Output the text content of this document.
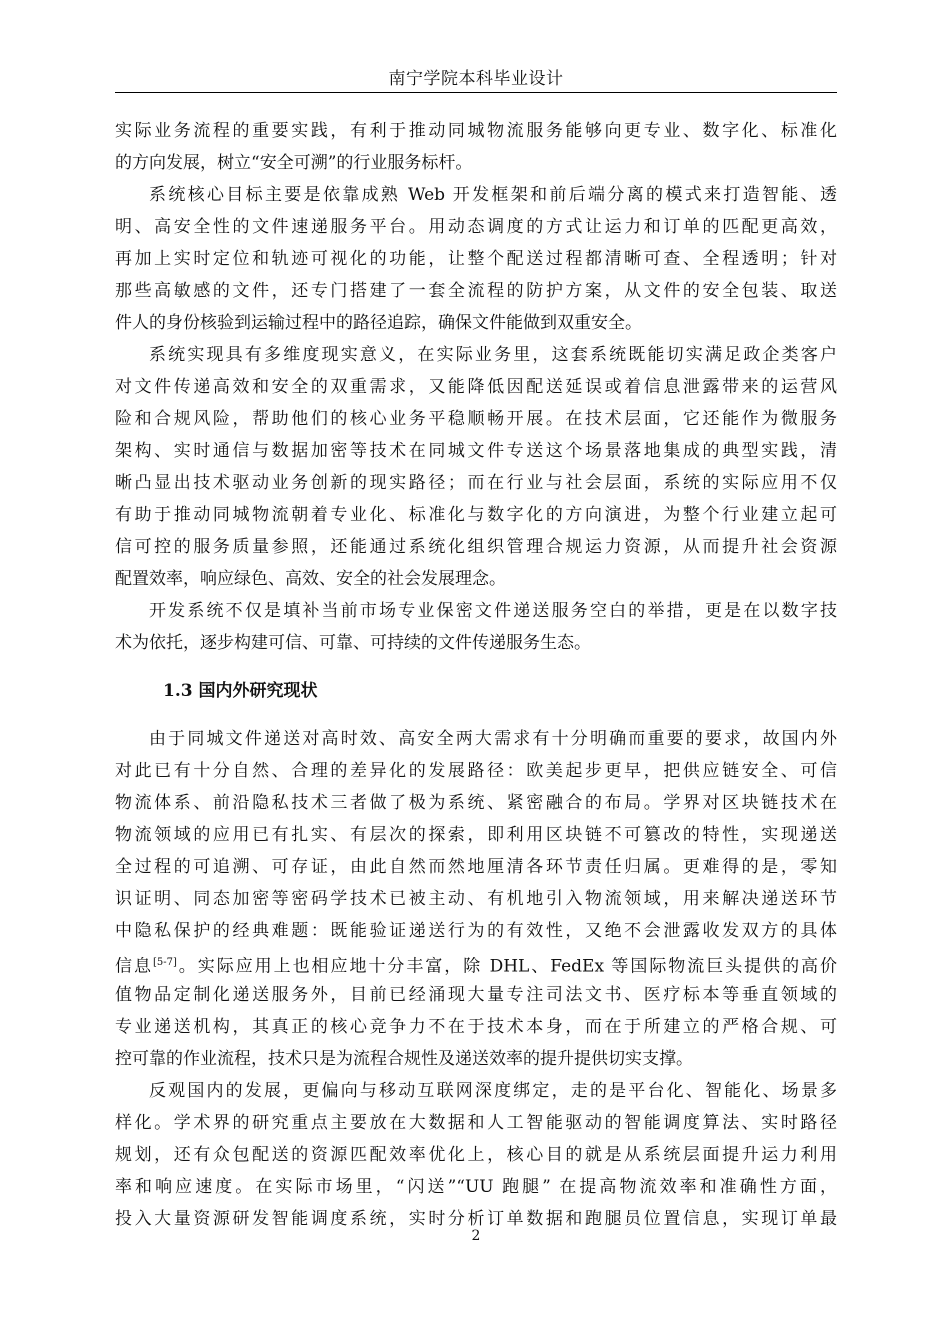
南宁学院本科毕业设计
实际业务流程的重要实践，有利于推动同城物流服务能够向更专业、数字化、标准化
的方向发展，树立“安全可溯”的行业服务标杆。
系统核心目标主要是依靠成熟 Web 开发框架和前后端分离的模式来打造智能、透
明、高安全性的文件速递服务平台。用动态调度的方式让运力和订单的匹配更高效，
再加上实时定位和轨迹可视化的功能，让整个配送过程都清晰可查、全程透明；针对
那些高敏感的文件，还专门搭建了一套全流程的防护方案，从文件的安全包装、取送
件人的身份核验到运输过程中的路径追踪，确保文件能做到双重安全。
系统实现具有多维度现实意义，在实际业务里，这套系统既能切实满足政企类客户
对文件传递高效和安全的双重需求，又能降低因配送延误或着信息泄露带来的运营风
险和合规风险，帮助他们的核心业务平稳顺畅开展。在技术层面，它还能作为微服务
架构、实时通信与数据加密等技术在同城文件专送这个场景落地集成的典型实践，清
晰凸显出技术驱动业务创新的现实路径；而在行业与社会层面，系统的实际应用不仅
有助于推动同城物流朝着专业化、标准化与数字化的方向演进，为整个行业建立起可
信可控的服务质量参照，还能通过系统化组织管理合规运力资源，从而提升社会资源
配置效率，响应绿色、高效、安全的社会发展理念。
开发系统不仅是填补当前市场专业保密文件递送服务空白的举措，更是在以数字技
术为依托，逐步构建可信、可靠、可持续的文件传递服务生态。
1.3 国内外研究现状
由于同城文件递送对高时效、高安全两大需求有十分明确而重要的要求，故国内外
对此已有十分自然、合理的差异化的发展路径：欧美起步更早，把供应链安全、可信
物流体系、前沿隐私技术三者做了极为系统、紧密融合的布局。学界对区块链技术在
物流领域的应用已有扎实、有层次的探索，即利用区块链不可篡改的特性，实现递送
全过程的可追溯、可存证，由此自然而然地厘清各环节责任归属。更难得的是，零知
识证明、同态加密等密码学技术已被主动、有机地引入物流领域，用来解决递送环节
中隐私保护的经典难题：既能验证递送行为的有效性，又绝不会泄露收发双方的具体
信息[5-7]。实际应用上也相应地十分丰富，除 DHL、FedEx 等国际物流巨头提供的高价
值物品定制化递送服务外，目前已经涌现大量专注司法文书、医疗标本等垂直领域的
专业递送机构，其真正的核心竞争力不在于技术本身，而在于所建立的严格合规、可
控可靠的作业流程，技术只是为流程合规性及递送效率的提升提供切实支撑。
反观国内的发展，更偏向与移动互联网深度绑定，走的是平台化、智能化、场景多
样化。学术界的研究重点主要放在大数据和人工智能驱动的智能调度算法、实时路径
规划，还有众包配送的资源匹配效率优化上，核心目的就是从系统层面提升运力利用
率和响应速度。在实际市场里，“闪送”“UU 跑腿” 在提高物流效率和准确性方面，
投入大量资源研发智能调度系统，实时分析订单数据和跑腿员位置信息，实现订单最
2
